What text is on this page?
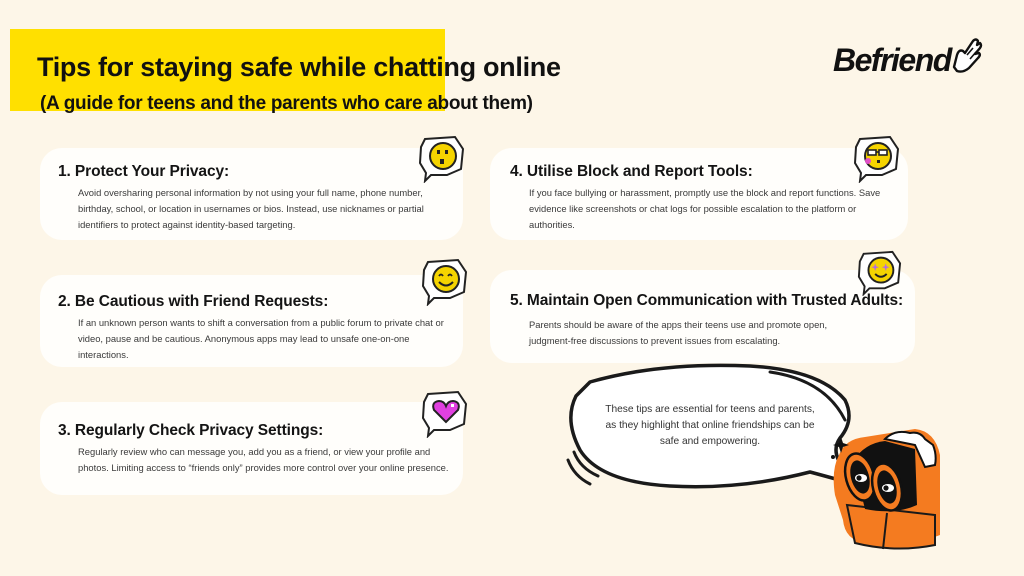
Tips for staying safe while chatting online
(A guide for teens and the parents who care about them)
Befriend
1. Protect Your Privacy:
Avoid oversharing personal information by not using your full name, phone number, birthday, school, or location in usernames or bios. Instead, use nicknames or partial identifiers to protect against identity-based targeting.
2. Be Cautious with Friend Requests:
If an unknown person wants to shift a conversation from a public forum to private chat or video, pause and be cautious. Anonymous apps may lead to unsafe one-on-one interactions.
3. Regularly Check Privacy Settings:
Regularly review who can message you, add you as a friend, or view your profile and photos. Limiting access to “friends only” provides more control over your online presence.
4. Utilise Block and Report Tools:
If you face bullying or harassment, promptly use the block and report functions. Save evidence like screenshots or chat logs for possible escalation to the platform or authorities.
5. Maintain Open Communication with Trusted Adults:
Parents should be aware of the apps their teens use and promote open, judgment-free discussions to prevent issues from escalating.

These tips are essential for teens and parents, as they highlight that online friendships can be safe and empowering.
